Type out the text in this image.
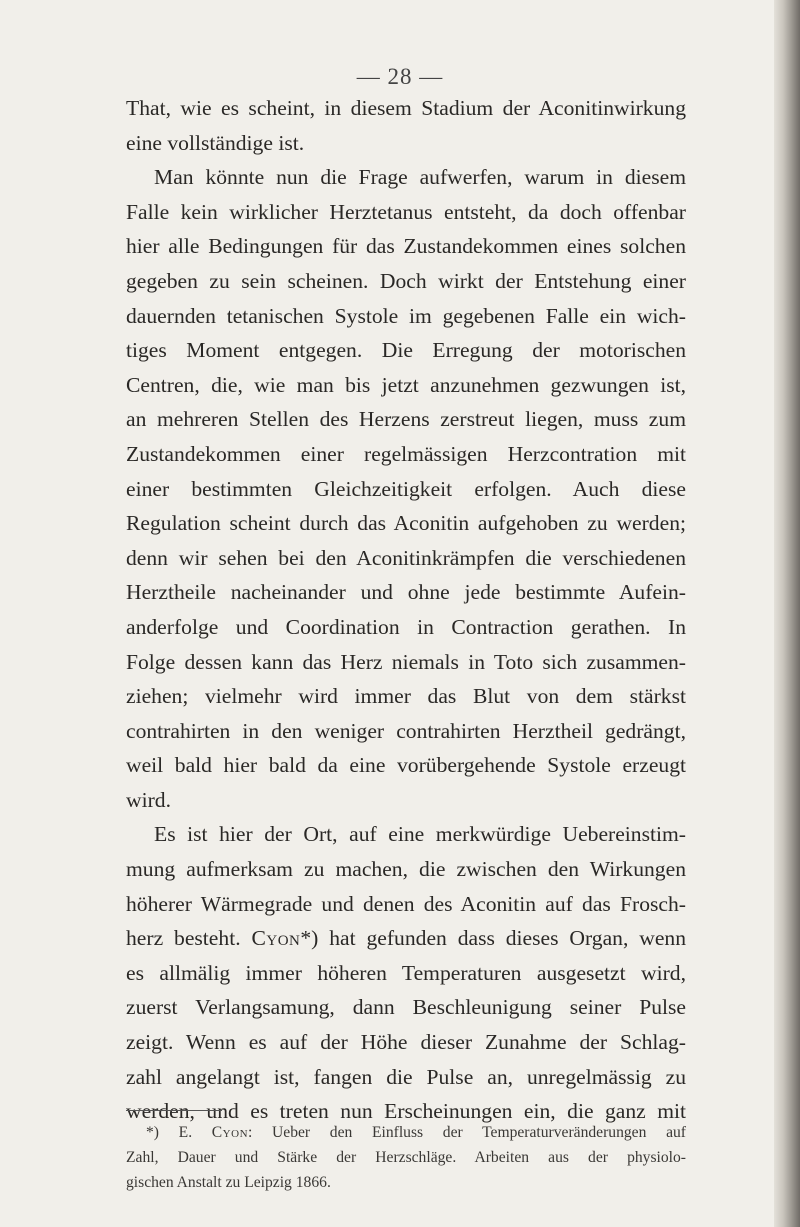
— 28 —
That, wie es scheint, in diesem Stadium der Aconitinwirkung
eine vollständige ist.
Man könnte nun die Frage aufwerfen, warum in diesem
Falle kein wirklicher Herztetanus entsteht, da doch offenbar
hier alle Bedingungen für das Zustandekommen eines solchen
gegeben zu sein scheinen. Doch wirkt der Entstehung einer
dauernden tetanischen Systole im gegebenen Falle ein wich-
tiges Moment entgegen. Die Erregung der motorischen
Centren, die, wie man bis jetzt anzunehmen gezwungen ist,
an mehreren Stellen des Herzens zerstreut liegen, muss zum
Zustandekommen einer regelmässigen Herzcontration mit
einer bestimmten Gleichzeitigkeit erfolgen. Auch diese
Regulation scheint durch das Aconitin aufgehoben zu werden;
denn wir sehen bei den Aconitinkrämpfen die verschiedenen
Herztheile nacheinander und ohne jede bestimmte Aufein-
anderfolge und Coordination in Contraction gerathen. In
Folge dessen kann das Herz niemals in Toto sich zusammen-
ziehen; vielmehr wird immer das Blut von dem stärkst
contrahirten in den weniger contrahirten Herztheil gedrängt,
weil bald hier bald da eine vorübergehende Systole erzeugt
wird.
Es ist hier der Ort, auf eine merkwürdige Uebereinstim-
mung aufmerksam zu machen, die zwischen den Wirkungen
höherer Wärmegrade und denen des Aconitin auf das Frosch-
herz besteht. Cyon*) hat gefunden dass dieses Organ, wenn
es allmälig immer höheren Temperaturen ausgesetzt wird,
zuerst Verlangsamung, dann Beschleunigung seiner Pulse
zeigt. Wenn es auf der Höhe dieser Zunahme der Schlag-
zahl angelangt ist, fangen die Pulse an, unregelmässig zu
werden, und es treten nun Erscheinungen ein, die ganz mit
*) E. Cyon: Ueber den Einfluss der Temperaturveränderungen auf
Zahl, Dauer und Stärke der Herzschläge. Arbeiten aus der physiolo-
gischen Anstalt zu Leipzig 1866.
